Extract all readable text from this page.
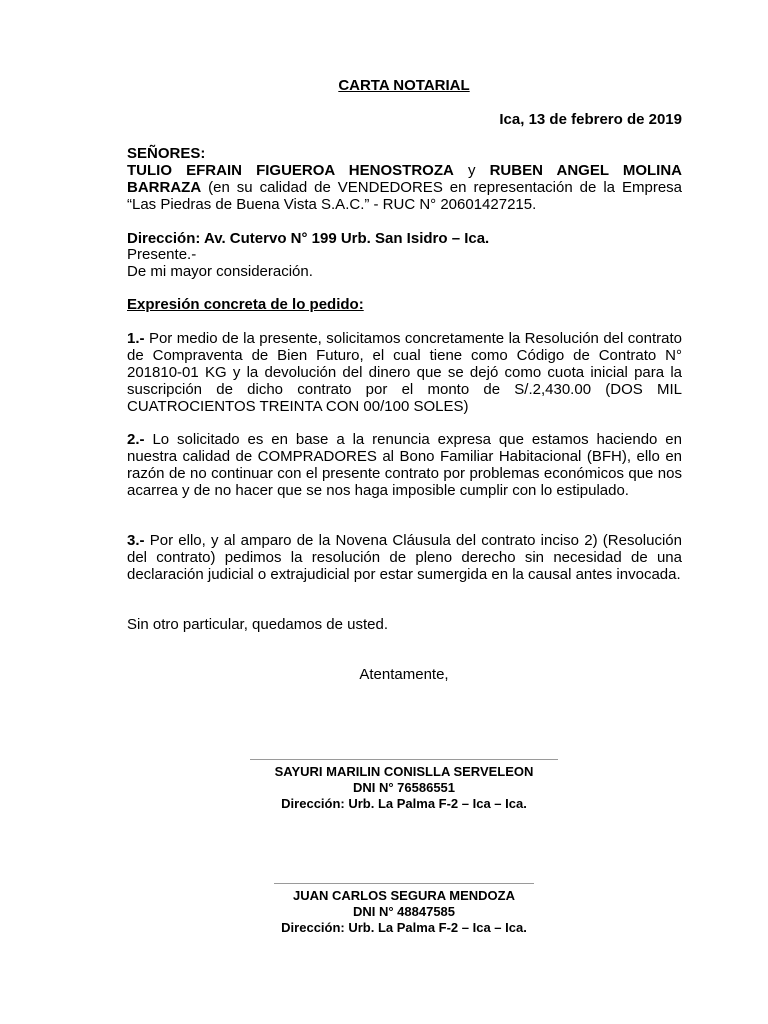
CARTA NOTARIAL
Ica, 13 de febrero de 2019
SEÑORES:
TULIO EFRAIN FIGUEROA HENOSTROZA y RUBEN ANGEL MOLINA BARRAZA (en su calidad de VENDEDORES en representación de la Empresa “Las Piedras de Buena Vista S.A.C.” - RUC N° 20601427215.
Dirección: Av. Cutervo N° 199 Urb. San Isidro – Ica.
Presente.-
De mi mayor consideración.
Expresión concreta de lo pedido:
1.- Por medio de la presente, solicitamos concretamente la Resolución del contrato de Compraventa de Bien Futuro, el cual tiene como Código de Contrato N° 201810-01 KG y la devolución del dinero que se dejó como cuota inicial para la suscripción de dicho contrato por el monto de S/.2,430.00 (DOS MIL CUATROCIENTOS TREINTA CON 00/100 SOLES)
2.- Lo solicitado es en base a la renuncia expresa que estamos haciendo en nuestra calidad de COMPRADORES al Bono Familiar Habitacional (BFH), ello en razón de no continuar con el presente contrato por problemas económicos que nos acarrea y de no hacer que se nos haga imposible cumplir con lo estipulado.
3.- Por ello, y al amparo de la Novena Cláusula del contrato inciso 2) (Resolución del contrato) pedimos la resolución de pleno derecho sin necesidad de una declaración judicial o extrajudicial por estar sumergida en la causal antes invocada.
Sin otro particular, quedamos de usted.
Atentamente,
SAYURI MARILIN CONISLLA SERVELEON
DNI N° 76586551
Dirección: Urb. La Palma F-2 – Ica – Ica.
JUAN CARLOS SEGURA MENDOZA
DNI N° 48847585
Dirección: Urb. La Palma F-2 – Ica – Ica.
